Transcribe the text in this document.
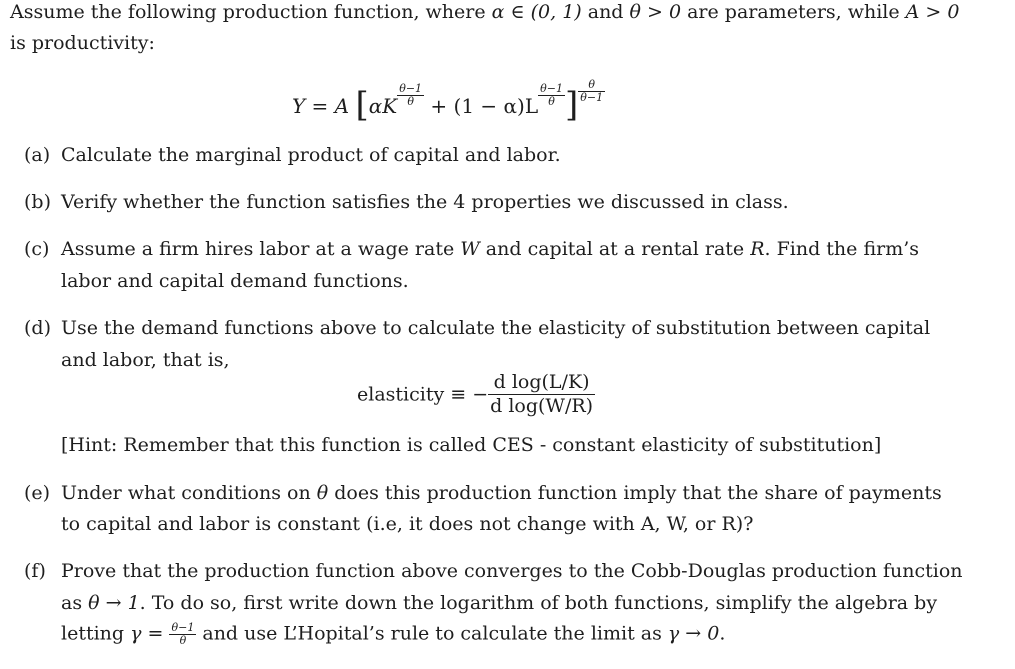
Assume the following production function, where α ∈ (0, 1) and θ > 0 are parameters, while A > 0
is productivity:
Y = A [$\alpha K \frac{\theta-1}{\theta} + (1 - \alpha)L \frac{\theta-1}{\theta}$ ] $\frac{\theta}{\theta-1}$
(a) Calculate the marginal product of capital and labor.
(b) Verify whether the function satisfies the 4 properties we discussed in class.
(c) Assume a firm hires labor at a wage rate W and capital at a rental rate R. Find the firm’s
labor and capital demand functions.
(d) Use the demand functions above to calculate the elasticity of substitution between capital
and labor, that is,
elasticity ≡ − $\frac{\text{d log(L/K)}}{\text{d log(W/R)}}$
[Hint: Remember that this function is called CES - constant elasticity of substitution]
(e) Under what conditions on θ does this production function imply that the share of payments
to capital and labor is constant (i.e, it does not change with A, W, or R)?
(f) Prove that the production function above converges to the Cobb-Douglas production function
as θ → 1. To do so, first write down the logarithm of both functions, simplify the algebra by
letting $\gamma = \frac{\theta-1}{\theta}$ and use L’Hopital’s rule to calculate the limit as γ → 0.
